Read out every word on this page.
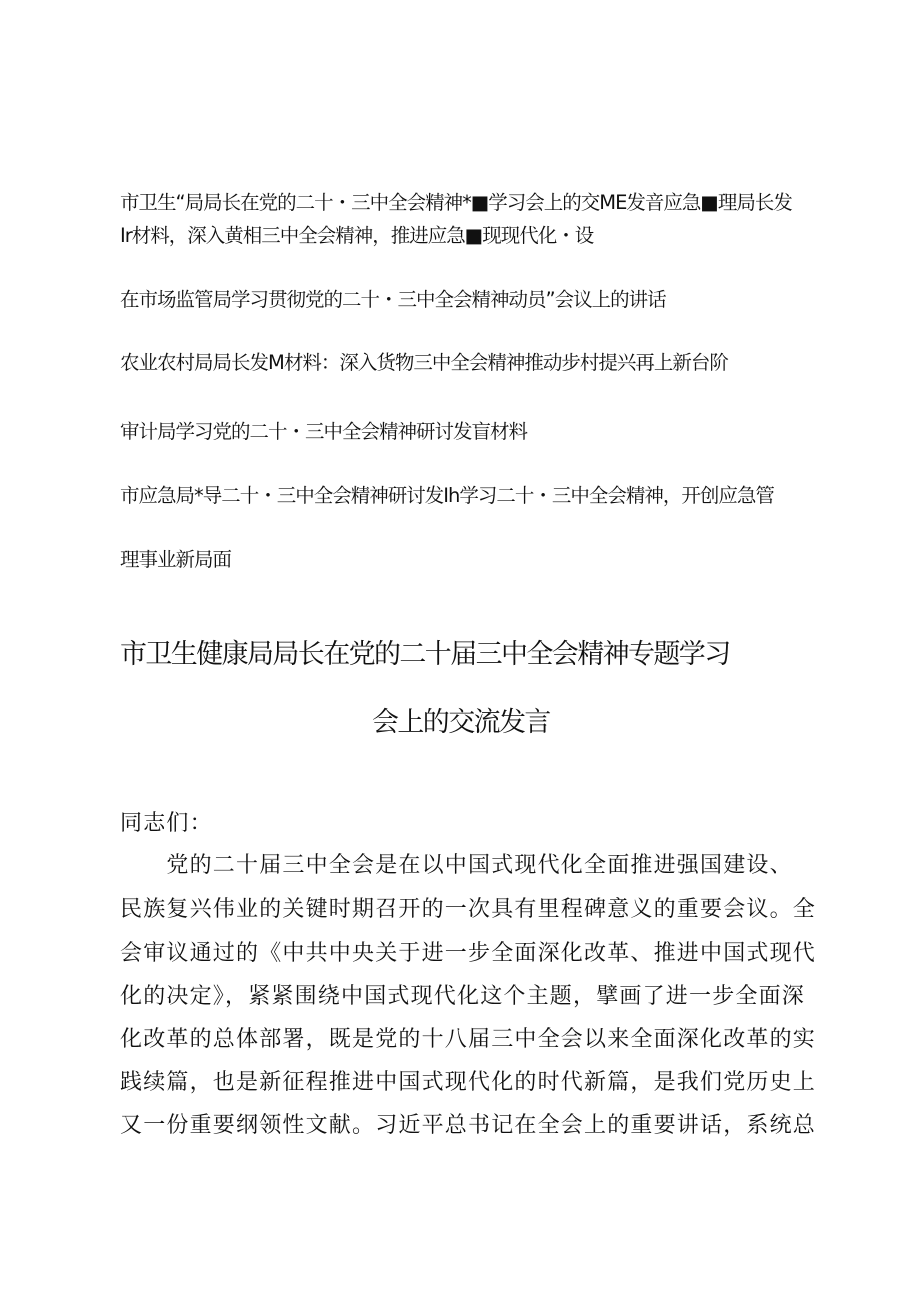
市卫生“局局长在党的二十・三中全会精神*■学习会上的交ME发音应急■理局长发
Ir材料，深入黄相三中全会精神，推进应急■现现代化・设
在市场监管局学习贯彻党的二十・三中全会精神动员”会议上的讲话
农业农村局局长发M材料：深入货物三中全会精神推动步村提兴再上新台阶
审计局学习党的二十・三中全会精神研讨发盲材料
市应急局*导二十・三中全会精神研讨发Ih学习二十・三中全会精神，开创应急管
理事业新局面
市卫生健康局局长在党的二十届三中全会精神专题学习
会上的交流发言
同志们：
　　党的二十届三中全会是在以中国式现代化全面推进强国建设、
民族复兴伟业的关键时期召开的一次具有里程碑意义的重要会议。全
会审议通过的《中共中央关于进一步全面深化改革、推进中国式现代
化的决定》，紧紧围绕中国式现代化这个主题，擘画了进一步全面深
化改革的总体部署，既是党的十八届三中全会以来全面深化改革的实
践续篇，也是新征程推进中国式现代化的时代新篇，是我们党历史上
又一份重要纲领性文献。习近平总书记在全会上的重要讲话，系统总
